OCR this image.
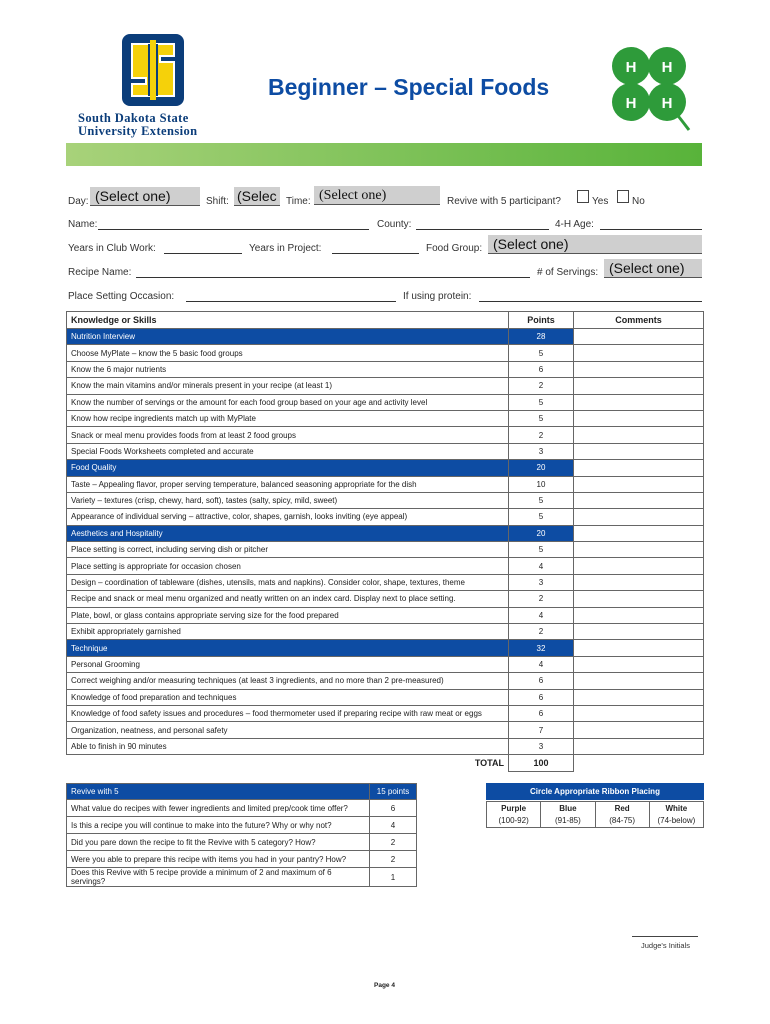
South Dakota State
University Extension
Beginner – Special Foods
H H
H H
Day: (Select one)	Shift: (Selec Time: (Select one)	Revive with 5 participant?	Yes No
Name:	County:	4-H Age:
Years in Club Work:	Years in Project:	Food Group: (Select one)
Recipe Name:	# of Servings: (Select one)
Place Setting Occasion:	If using protein:
Knowledge or Skills	Points	Comments
Nutrition Interview	28	
Choose MyPlate – know the 5 basic food groups	5	
Know the 6 major nutrients	6	
Know the main vitamins and/or minerals present in your recipe (at least 1)	2	
Know the number of servings or the amount for each food group based on your age and activity level	5	
Know how recipe ingredients match up with MyPlate	5	
Snack or meal menu provides foods from at least 2 food groups	2	
Special Foods Worksheets completed and accurate	3	
Food Quality	20	
Taste – Appealing flavor, proper serving temperature, balanced seasoning appropriate for the dish	10	
Variety – textures (crisp, chewy, hard, soft), tastes (salty, spicy, mild, sweet)	5	
Appearance of individual serving – attractive, color, shapes, garnish, looks inviting (eye appeal)	5	
Aesthetics and Hospitality	20	
Place setting is correct, including serving dish or pitcher	5	
Place setting is appropriate for occasion chosen	4	
Design – coordination of tableware (dishes, utensils, mats and napkins). Consider color, shape, textures, theme	3	
Recipe and snack or meal menu organized and neatly written on an index card. Display next to place setting.	2	
Plate, bowl, or glass contains appropriate serving size for the food prepared	4	
Exhibit appropriately garnished	2	
Technique	32	
Personal Grooming	4	
Correct weighing and/or measuring techniques (at least 3 ingredients, and no more than 2 pre-measured)	6	
Knowledge of food preparation and techniques	6	
Knowledge of food safety issues and procedures – food thermometer used if preparing recipe with raw meat or eggs	6	
Organization, neatness, and personal safety	7	
Able to finish in 90 minutes	3	
TOTAL	100	
Revive with 5	15 points
What value do recipes with fewer ingredients and limited prep/cook time offer?	6
Is this a recipe you will continue to make into the future? Why or why not?	4
Did you pare down the recipe to fit the Revive with 5 category? How?	2
Were you able to prepare this recipe with items you had in your pantry? How?	2
Does this Revive with 5 recipe provide a minimum of 2 and maximum of 6 servings?	1
Circle Appropriate Ribbon Placing
Purple	Blue	Red	White
(100-92)	(91-85)	(84-75)	(74-below)
Judge's Initials
Page 4
